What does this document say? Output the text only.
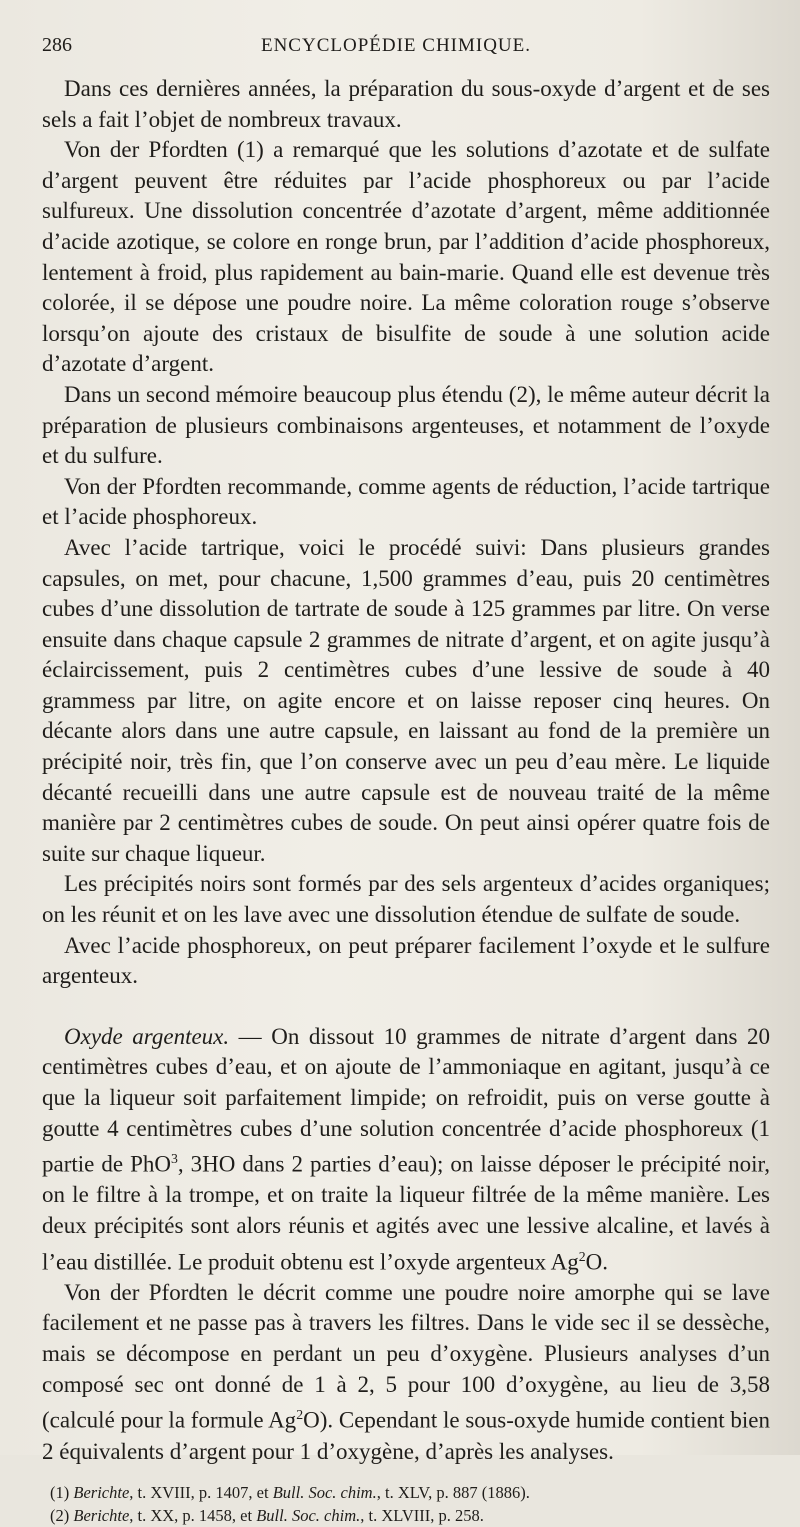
286	ENCYCLOPÉDIE CHIMIQUE.

Dans ces dernières années, la préparation du sous-oxyde d’argent et de ses sels a fait l’objet de nombreux travaux.

Von der Pfordten (1) a remarqué que les solutions d’azotate et de sulfate d’argent peuvent être réduites par l’acide phosphoreux ou par l’acide sulfureux. Une dissolution concentrée d’azotate d’argent, même additionnée d’acide azotique, se colore en ronge brun, par l’addition d’acide phosphoreux, lentement à froid, plus rapidement au bain-marie. Quand elle est devenue très colorée, il se dépose une poudre noire. La même coloration rouge s’observe lorsqu’on ajoute des cristaux de bisulfite de soude à une solution acide d’azotate d’argent.

Dans un second mémoire beaucoup plus étendu (2), le même auteur décrit la préparation de plusieurs combinaisons argenteuses, et notamment de l’oxyde et du sulfure.

Von der Pfordten recommande, comme agents de réduction, l’acide tartrique et l’acide phosphoreux.

Avec l’acide tartrique, voici le procédé suivi: Dans plusieurs grandes capsules, on met, pour chacune, 1,500 grammes d’eau, puis 20 centimètres cubes d’une dissolution de tartrate de soude à 125 grammes par litre. On verse ensuite dans chaque capsule 2 grammes de nitrate d’argent, et on agite jusqu’à éclaircissement, puis 2 centimètres cubes d’une lessive de soude à 40 grammess par litre, on agite encore et on laisse reposer cinq heures. On décante alors dans une autre capsule, en laissant au fond de la première un précipité noir, très fin, que l’on conserve avec un peu d’eau mère. Le liquide décanté recueilli dans une autre capsule est de nouveau traité de la même manière par 2 centimètres cubes de soude. On peut ainsi opérer quatre fois de suite sur chaque liqueur.

Les précipités noirs sont formés par des sels argenteux d’acides organiques; on les réunit et on les lave avec une dissolution étendue de sulfate de soude.

Avec l’acide phosphoreux, on peut préparer facilement l’oxyde et le sulfure argenteux.

Oxyde argenteux. — On dissout 10 grammes de nitrate d’argent dans 20 centimètres cubes d’eau, et on ajoute de l’ammoniaque en agitant, jusqu’à ce que la liqueur soit parfaitement limpide; on refroidit, puis on verse goutte à goutte 4 centimètres cubes d’une solution concentrée d’acide phosphoreux (1 partie de PhO$^3$, 3HO dans 2 parties d’eau); on laisse déposer le précipité noir, on le filtre à la trompe, et on traite la liqueur filtrée de la même manière. Les deux précipités sont alors réunis et agités avec une lessive alcaline, et lavés à l’eau distillée. Le produit obtenu est l’oxyde argenteux Ag$^2$O.

Von der Pfordten le décrit comme une poudre noire amorphe qui se lave facilement et ne passe pas à travers les filtres. Dans le vide sec il se dessèche, mais se décompose en perdant un peu d’oxygène. Plusieurs analyses d’un composé sec ont donné de 1 à 2, 5 pour 100 d’oxygène, au lieu de 3,58 (calculé pour la formule Ag$^2$O). Cependant le sous-oxyde humide contient bien 2 équivalents d’argent pour 1 d’oxygène, d’après les analyses.

(1) Berichte, t. XVIII, p. 1407, et Bull. Soc. chim., t. XLV, p. 887 (1886).
(2) Berichte, t. XX, p. 1458, et Bull. Soc. chim., t. XLVIII, p. 258.
